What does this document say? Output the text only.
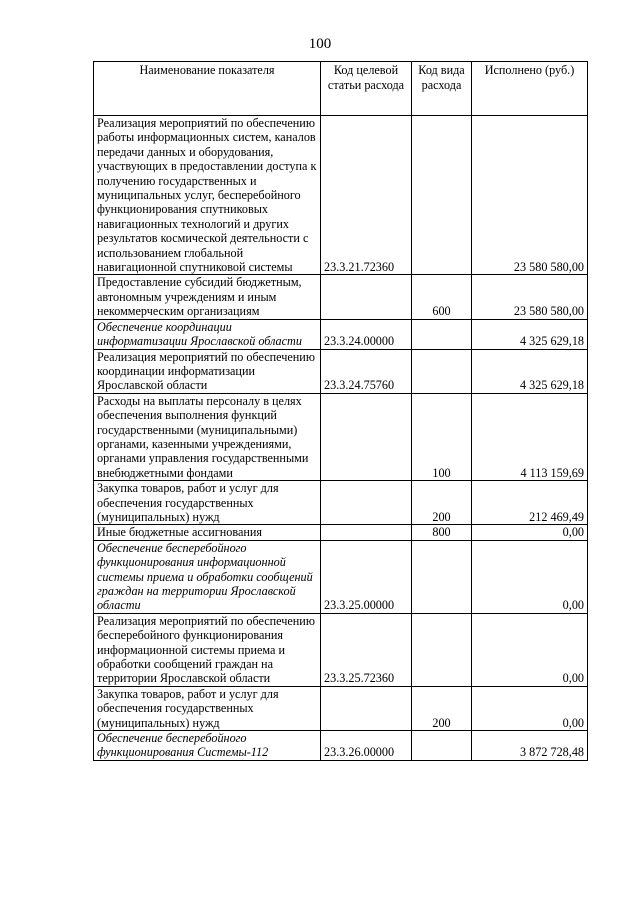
100
Наименование показателя	Код целевой статьи расхода	Код вида расхода	Исполнено (руб.)
Реализация мероприятий по обеспечению работы информационных систем, каналов передачи данных и оборудования, участвующих в предоставлении доступа к получению государственных и муниципальных услуг, бесперебойного функционирования спутниковых навигационных технологий и других результатов космической деятельности с использованием глобальной навигационной спутниковой системы	23.3.21.72360		23 580 580,00
Предоставление субсидий бюджетным, автономным учреждениям и иным некоммерческим организациям		600	23 580 580,00
Обеспечение координации информатизации Ярославской области	23.3.24.00000		4 325 629,18
Реализация мероприятий по обеспечению координации информатизации Ярославской области	23.3.24.75760		4 325 629,18
Расходы на выплаты персоналу в целях обеспечения выполнения функций государственными (муниципальными) органами, казенными учреждениями, органами управления государственными внебюджетными фондами		100	4 113 159,69
Закупка товаров, работ и услуг для обеспечения государственных (муниципальных) нужд		200	212 469,49
Иные бюджетные ассигнования		800	0,00
Обеспечение бесперебойного функционирования информационной системы приема и обработки сообщений граждан на территории Ярославской области	23.3.25.00000		0,00
Реализация мероприятий по обеспечению бесперебойного функционирования информационной системы приема и обработки сообщений граждан на территории Ярославской области	23.3.25.72360		0,00
Закупка товаров, работ и услуг для обеспечения государственных (муниципальных) нужд		200	0,00
Обеспечение бесперебойного функционирования Системы-112	23.3.26.00000		3 872 728,48
